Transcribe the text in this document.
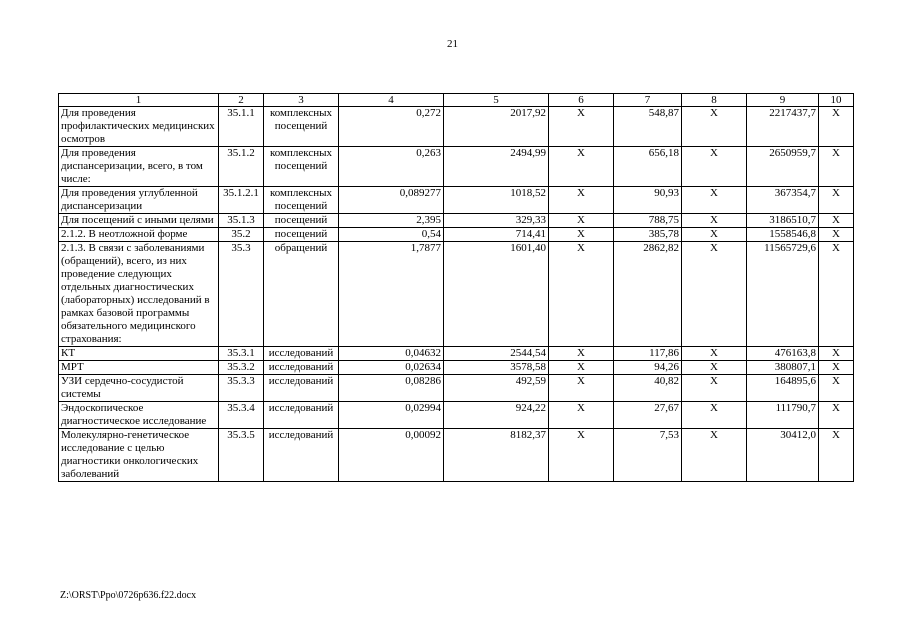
21
1	2	3	4	5	6	7	8	9	10
Для проведения профилактических медицинских осмотров	35.1.1	комплексных посещений	0,272	2017,92	Х	548,87	Х	2217437,7	Х
Для проведения диспансеризации, всего, в том числе:	35.1.2	комплексных посещений	0,263	2494,99	Х	656,18	Х	2650959,7	Х
Для проведения углубленной диспансеризации	35.1.2.1	комплексных посещений	0,089277	1018,52	Х	90,93	Х	367354,7	Х
Для посещений с иными целями	35.1.3	посещений	2,395	329,33	Х	788,75	Х	3186510,7	Х
2.1.2. В неотложной форме	35.2	посещений	0,54	714,41	Х	385,78	Х	1558546,8	Х
2.1.3. В связи с заболеваниями (обращений), всего, из них проведение следующих отдельных диагностических (лабораторных) исследований в рамках базовой программы обязательного медицинского страхования:	35.3	обращений	1,7877	1601,40	Х	2862,82	Х	11565729,6	Х
КТ	35.3.1	исследований	0,04632	2544,54	Х	117,86	Х	476163,8	Х
МРТ	35.3.2	исследований	0,02634	3578,58	Х	94,26	Х	380807,1	Х
УЗИ сердечно-сосудистой системы	35.3.3	исследований	0,08286	492,59	Х	40,82	Х	164895,6	Х
Эндоскопическое диагностическое исследование	35.3.4	исследований	0,02994	924,22	Х	27,67	Х	111790,7	Х
Молекулярно-генетическое исследование с целью диагностики онкологических заболеваний	35.3.5	исследований	0,00092	8182,37	Х	7,53	Х	30412,0	Х
Z:\ORST\Ppo\0726p636.f22.docx
